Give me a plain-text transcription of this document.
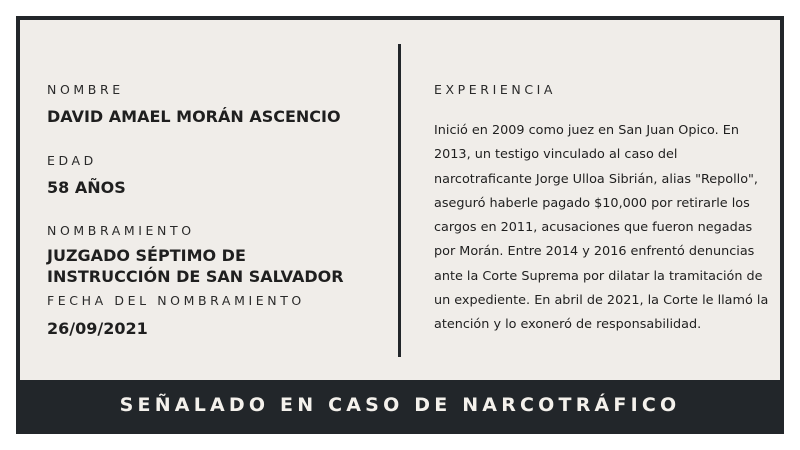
NOMBRE

DAVID AMAEL MORÁN ASCENCIO

EDAD

58 AÑOS

NOMBRAMIENTO

JUZGADO SÉPTIMO DE INSTRUCCIÓN DE SAN SALVADOR

FECHA DEL NOMBRAMIENTO

26/09/2021

EXPERIENCIA

Inició en 2009 como juez en San Juan Opico. En 2013, un testigo vinculado al caso del narcotraficante Jorge Ulloa Sibrián, alias "Repollo", aseguró haberle pagado $10,000 por retirarle los cargos en 2011, acusaciones que fueron negadas por Morán. Entre 2014 y 2016 enfrentó denuncias ante la Corte Suprema por dilatar la tramitación de un expediente. En abril de 2021, la Corte le llamó la atención y lo exoneró de responsabilidad.

SEÑALADO EN CASO DE NARCOTRÁFICO
